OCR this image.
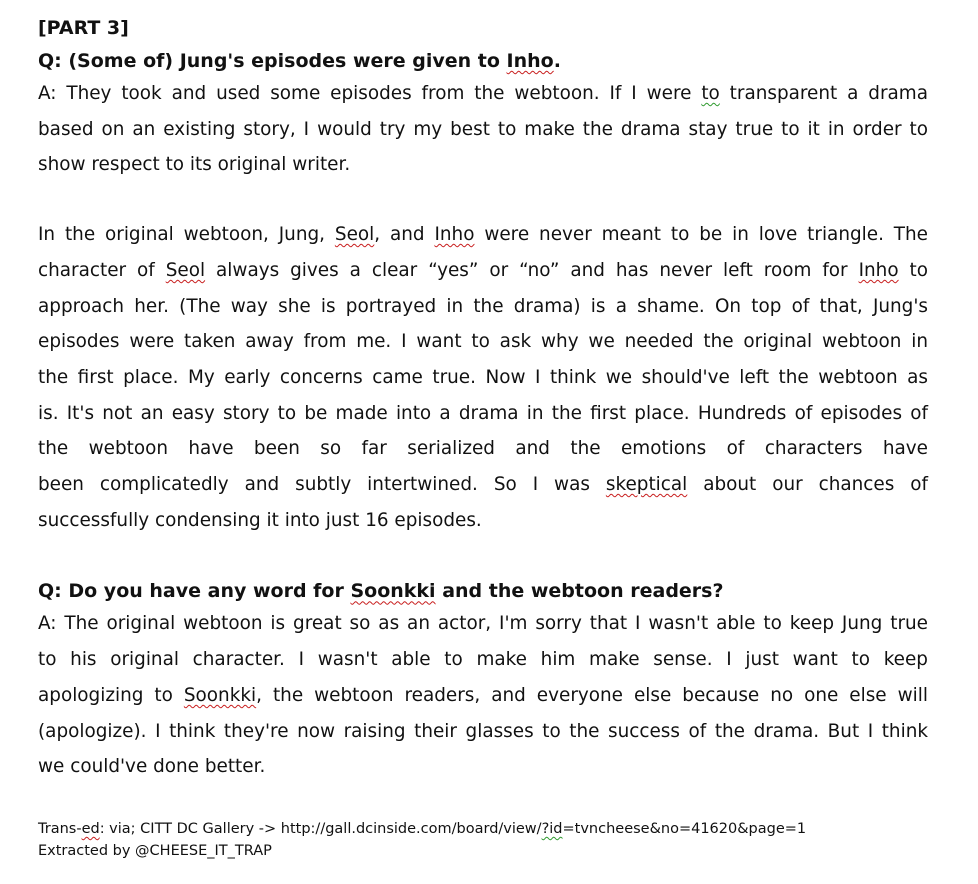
[PART 3]

Q: (Some of) Jung's episodes were given to Inho.

A: They took and used some episodes from the webtoon. If I were to transparent a drama
based on an existing story, I would try my best to make the drama stay true to it in order to
show respect to its original writer.
In the original webtoon, Jung, Seol, and Inho were never meant to be in love triangle. The
character of Seol always gives a clear “yes” or “no” and has never left room for Inho to
approach her. (The way she is portrayed in the drama) is a shame. On top of that, Jung's
episodes were taken away from me. I want to ask why we needed the original webtoon in
the first place. My early concerns came true. Now I think we should've left the webtoon as
is. It's not an easy story to be made into a drama in the first place. Hundreds of episodes of
the webtoon have been so far serialized and the emotions of characters have
been complicatedly and subtly intertwined. So I was skeptical about our chances of
successfully condensing it into just 16 episodes.

Q: Do you have any word for Soonkki and the webtoon readers?

A: The original webtoon is great so as an actor, I'm sorry that I wasn't able to keep Jung true
to his original character. I wasn't able to make him make sense. I just want to keep
apologizing to Soonkki, the webtoon readers, and everyone else because no one else will
(apologize). I think they're now raising their glasses to the success of the drama. But I think
we could've done better.
Trans-ed: via; CITT DC Gallery -> http://gall.dcinside.com/board/view/?id=tvncheese&no=41620&page=1
Extracted by @CHEESE_IT_TRAP
